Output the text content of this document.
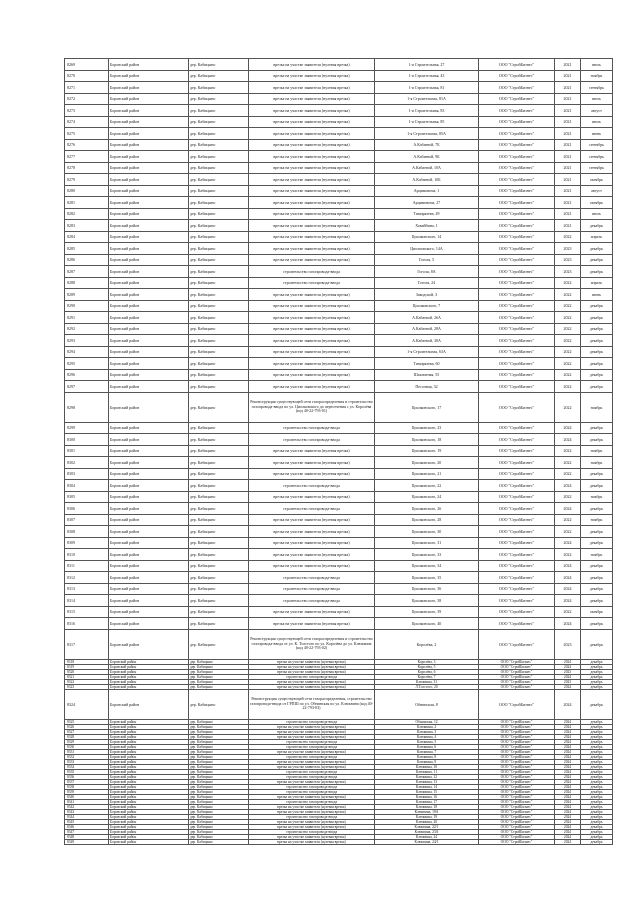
8269	Боровский район	дер. Кабицыно	врезка на участке заявителя (нулевая врезка)	1-я Строительная, 27	ООО "СтройБизнес"	2021	июль
8270	Боровский район	дер. Кабицыно	врезка на участке заявителя (нулевая врезка)	1-я Строительная, 43	ООО "СтройБизнес"	2021	ноябрь
8271	Боровский район	дер. Кабицыно	врезка на участке заявителя (нулевая врезка)	1-я Строительная, 81	ООО "СтройБизнес"	2021	сентябрь
8272	Боровский район	дер. Кабицыно	врезка на участке заявителя (нулевая врезка)	1-я Строительная, 81А	ООО "СтройБизнес"	2021	июль
8273	Боровский район	дер. Кабицыно	врезка на участке заявителя (нулевая врезка)	1-я Строительная, 83	ООО "СтройБизнес"	2021	август
8274	Боровский район	дер. Кабицыно	врезка на участке заявителя (нулевая врезка)	1-я Строительная, 85	ООО "СтройБизнес"	2021	июль
8275	Боровский район	дер. Кабицыно	врезка на участке заявителя (нулевая врезка)	1-я Строительная, 85А	ООО "СтройБизнес"	2021	июнь
8276	Боровский район	дер. Кабицыно	врезка на участке заявителя (нулевая врезка)	А.Кабаевой, 7Б	ООО "СтройБизнес"	2021	сентябрь
8277	Боровский район	дер. Кабицыно	врезка на участке заявителя (нулевая врезка)	А.Кабаевой, 9Б	ООО "СтройБизнес"	2021	сентябрь
8278	Боровский район	дер. Кабицыно	врезка на участке заявителя (нулевая врезка)	А.Кабаевой, 10А	ООО "СтройБизнес"	2021	сентябрь
8279	Боровский район	дер. Кабицыно	врезка на участке заявителя (нулевая врезка)	А.Кабаевой, 10Б	ООО "СтройБизнес"	2021	октябрь
8280	Боровский район	дер. Кабицыно	врезка на участке заявителя (нулевая врезка)	Арцимовича, 1	ООО "СтройБизнес"	2021	август
8281	Боровский район	дер. Кабицыно	врезка на участке заявителя (нулевая врезка)	Арцимовича, 27	ООО "СтройБизнес"	2021	октябрь
8282	Боровский район	дер. Кабицыно	врезка на участке заявителя (нулевая врезка)	Тимирязева, 49	ООО "СтройБизнес"	2021	июль
8283	Боровский район	дер. Кабицыно	врезка на участке заявителя (нулевая врезка)	Ховайбина, 1	ООО "СтройБизнес"	2021	декабрь
8284	Боровский район	дер. Кабицыно	врезка на участке заявителя (нулевая врезка)	Циолковского, 14	ООО "СтройБизнес"	2022	апрель
8285	Боровский район	дер. Кабицыно	врезка на участке заявителя (нулевая врезка)	Циолковского, 14А	ООО "СтройБизнес"	2023	декабрь
8286	Боровский район	дер. Кабицыно	врезка на участке заявителя (нулевая врезка)	Гоголя, 5	ООО "СтройБизнес"	2023	декабрь
8287	Боровский район	дер. Кабицыно	строительство газопровода-ввода	Гоголя, 8А	ООО "СтройБизнес"	2023	декабрь
8288	Боровский район	дер. Кабицыно	строительство газопровода-ввода	Гоголя, 24	ООО "СтройБизнес"	2022	апрель
8289	Боровский район	дер. Кабицыно	врезка на участке заявителя (нулевая врезка)	Заводской, 3	ООО "СтройБизнес"	2022	июнь
8290	Боровский район	дер. Кабицыно	врезка на участке заявителя (нулевая врезка)	Циолковского, 7	ООО "СтройБизнес"	2022	декабрь
8291	Боровский район	дер. Кабицыно	врезка на участке заявителя (нулевая врезка)	А.Кабаевой, 26А	ООО "СтройБизнес"	2022	декабрь
8292	Боровский район	дер. Кабицыно	врезка на участке заявителя (нулевая врезка)	А.Кабаевой, 28А	ООО "СтройБизнес"	2022	декабрь
8293	Боровский район	дер. Кабицыно	врезка на участке заявителя (нулевая врезка)	А.Кабаевой, 30А	ООО "СтройБизнес"	2022	декабрь
8294	Боровский район	дер. Кабицыно	врезка на участке заявителя (нулевая врезка)	1-я Строительная, 63А	ООО "СтройБизнес"	2022	декабрь
8295	Боровский район	дер. Кабицыно	врезка на участке заявителя (нулевая врезка)	Тимирязева, 60	ООО "СтройБизнес"	2022	декабрь
8296	Боровский район	дер. Кабицыно	врезка на участке заявителя (нулевая врезка)	Шахматная, 55	ООО "СтройБизнес"	2022	декабрь
8297	Боровский район	дер. Кабицыно	врезка на участке заявителя (нулевая врезка)	Песочная, 32	ООО "СтройБизнес"	2022	декабрь
8298	Боровский район	дер. Кабицыно	Реконструкция существующей сети газораспределения и строительство газопровода-ввода по ул. Циолковского до пересечения с ул. Королёва (код 40-22-793-01)	Циолковского, 17	ООО "СтройБизнес"	2022	ноябрь
8299	Боровский район	дер. Кабицыно	строительство газопровода-ввода	Циолковского, 23	ООО "СтройБизнес"	2024	декабрь
8300	Боровский район	дер. Кабицыно	строительство газопровода-ввода	Циолковского, 18	ООО "СтройБизнес"	2024	декабрь
8301	Боровский район	дер. Кабицыно	врезка на участке заявителя (нулевая врезка)	Циолковского, 19	ООО "СтройБизнес"	2022	ноябрь
8302	Боровский район	дер. Кабицыно	врезка на участке заявителя (нулевая врезка)	Циолковского, 20	ООО "СтройБизнес"	2022	ноябрь
8303	Боровский район	дер. Кабицыно	врезка на участке заявителя (нулевая врезка)	Циолковского, 21	ООО "СтройБизнес"	2022	декабрь
8304	Боровский район	дер. Кабицыно	строительство газопровода-ввода	Циолковского, 22	ООО "СтройБизнес"	2024	декабрь
8305	Боровский район	дер. Кабицыно	врезка на участке заявителя (нулевая врезка)	Циолковского, 24	ООО "СтройБизнес"	2022	ноябрь
8306	Боровский район	дер. Кабицыно	строительство газопровода-ввода	Циолковского, 26	ООО "СтройБизнес"	2024	декабрь
8307	Боровский район	дер. Кабицыно	врезка на участке заявителя (нулевая врезка)	Циолковского, 28	ООО "СтройБизнес"	2022	ноябрь
8308	Боровский район	дер. Кабицыно	врезка на участке заявителя (нулевая врезка)	Циолковского, 30	ООО "СтройБизнес"	2022	декабрь
8309	Боровский район	дер. Кабицыно	врезка на участке заявителя (нулевая врезка)	Циолковского, 31	ООО "СтройБизнес"	2024	декабрь
8310	Боровский район	дер. Кабицыно	врезка на участке заявителя (нулевая врезка)	Циолковского, 33	ООО "СтройБизнес"	2022	ноябрь
8311	Боровский район	дер. Кабицыно	врезка на участке заявителя (нулевая врезка)	Циолковского, 34	ООО "СтройБизнес"	2024	декабрь
8312	Боровский район	дер. Кабицыно	строительство газопровода-ввода	Циолковского, 35	ООО "СтройБизнес"	2024	декабрь
8313	Боровский район	дер. Кабицыно	строительство газопровода-ввода	Циолковского, 36	ООО "СтройБизнес"	2024	декабрь
8314	Боровский район	дер. Кабицыно	строительство газопровода-ввода	Циолковского, 38	ООО "СтройБизнес"	2024	декабрь
8315	Боровский район	дер. Кабицыно	врезка на участке заявителя (нулевая врезка)	Циолковского, 39	ООО "СтройБизнес"	2022	октябрь
8316	Боровский район	дер. Кабицыно	врезка на участке заявителя (нулевая врезка)	Циолковского, 40	ООО "СтройБизнес"	2024	декабрь
8317	Боровский район	дер. Кабицыно	Реконструкция существующей сети газораспределения и строительство газопровода-ввода от ул. К. Толстого по ул. Королёва до ул. Клюквина (код 40-22-793-02)	Королёва, 2	ООО "СтройБизнес"	2023	декабрь
8318	Боровский район	дер. Кабицыно	врезка на участке заявителя (нулевая врезка)	Королёва, 3	ООО "СтройБизнес"	2024	декабрь
8319	Боровский район	дер. Кабицыно	врезка на участке заявителя (нулевая врезка)	Королёва, 5	ООО "СтройБизнес"	2024	декабрь
8320	Боровский район	дер. Кабицыно	врезка на участке заявителя (нулевая врезка)	Королёва, 6	ООО "СтройБизнес"	2023	декабрь
8321	Боровский район	дер. Кабицыно	строительство газопровода-ввода	Королёва, 7	ООО "СтройБизнес"	2024	декабрь
8322	Боровский район	дер. Кабицыно	врезка на участке заявителя (нулевая врезка)	Клюквина, 31	ООО "СтройБизнес"	2023	декабрь
8323	Боровский район	дер. Кабицыно	врезка на участке заявителя (нулевая врезка)	Л.Толстого, 20	ООО "СтройБизнес"	2024	декабрь
8324	Боровский район	дер. Кабицыно	Реконструкция существующей сети газораспределения, строительство газопровода-ввода от ГРПШ по ул. Обнинская по ул. Клюквина (код 40-22-793-03)	Обнинская, 8	ООО "СтройБизнес"	2024	декабрь
8325	Боровский район	дер. Кабицыно	строительство газопровода-ввода	Обнинская, 12	ООО "СтройБизнес"	2024	декабрь
8326	Боровский район	дер. Кабицыно	врезка на участке заявителя (нулевая врезка)	Клюквина, 2	ООО "СтройБизнес"	2024	декабрь
8327	Боровский район	дер. Кабицыно	врезка на участке заявителя (нулевая врезка)	Клюквина, 3	ООО "СтройБизнес"	2024	декабрь
8328	Боровский район	дер. Кабицыно	врезка на участке заявителя (нулевая врезка)	Клюквина, 4	ООО "СтройБизнес"	2024	декабрь
8329	Боровский район	дер. Кабицыно	строительство газопровода-ввода	Клюквина, 5	ООО "СтройБизнес"	2024	декабрь
8330	Боровский район	дер. Кабицыно	строительство газопровода-ввода	Клюквина, 6	ООО "СтройБизнес"	2024	декабрь
8331	Боровский район	дер. Кабицыно	врезка на участке заявителя (нулевая врезка)	Клюквина, 7	ООО "СтройБизнес"	2024	декабрь
8332	Боровский район	дер. Кабицыно	строительство газопровода-ввода	Клюквина, 8	ООО "СтройБизнес"	2024	декабрь
8333	Боровский район	дер. Кабицыно	врезка на участке заявителя (нулевая врезка)	Клюквина, 9	ООО "СтройБизнес"	2024	декабрь
8334	Боровский район	дер. Кабицыно	врезка на участке заявителя (нулевая врезка)	Клюквина, 10	ООО "СтройБизнес"	2024	декабрь
8335	Боровский район	дер. Кабицыно	строительство газопровода-ввода	Клюквина, 11	ООО "СтройБизнес"	2024	декабрь
8336	Боровский район	дер. Кабицыно	строительство газопровода-ввода	Клюквина, 12	ООО "СтройБизнес"	2024	декабрь
8337	Боровский район	дер. Кабицыно	врезка на участке заявителя (нулевая врезка)	Клюквина, 13	ООО "СтройБизнес"	2024	декабрь
8338	Боровский район	дер. Кабицыно	строительство газопровода-ввода	Клюквина, 14	ООО "СтройБизнес"	2024	декабрь
8339	Боровский район	дер. Кабицыно	строительство газопровода-ввода	Клюквина, 15	ООО "СтройБизнес"	2024	декабрь
8340	Боровский район	дер. Кабицыно	врезка на участке заявителя (нулевая врезка)	Клюквина, 16	ООО "СтройБизнес"	2024	декабрь
8341	Боровский район	дер. Кабицыно	строительство газопровода-ввода	Клюквина, 17	ООО "СтройБизнес"	2024	декабрь
8342	Боровский район	дер. Кабицыно	врезка на участке заявителя (нулевая врезка)	Клюквина, 18	ООО "СтройБизнес"	2024	декабрь
8343	Боровский район	дер. Кабицыно	врезка на участке заявителя (нулевая врезка)	Клюквина, 18А	ООО "СтройБизнес"	2024	декабрь
8344	Боровский район	дер. Кабицыно	строительство газопровода-ввода	Клюквина, 19	ООО "СтройБизнес"	2024	декабрь
8345	Боровский район	дер. Кабицыно	врезка на участке заявителя (нулевая врезка)	Клюквина, 20	ООО "СтройБизнес"	2024	декабрь
8346	Боровский район	дер. Кабицыно	врезка на участке заявителя (нулевая врезка)	Клюквина, 22/1	ООО "СтройБизнес"	2024	декабрь
8347	Боровский район	дер. Кабицыно	строительство газопровода-ввода	Клюквина, 23А	ООО "СтройБизнес"	2024	декабрь
8348	Боровский район	дер. Кабицыно	врезка на участке заявителя (нулевая врезка)	Клюквина, 24	ООО "СтройБизнес"	2024	декабрь
8349	Боровский район	дер. Кабицыно	врезка на участке заявителя (нулевая врезка)	Клюквина, 24/1	ООО "СтройБизнес"	2024	декабрь
